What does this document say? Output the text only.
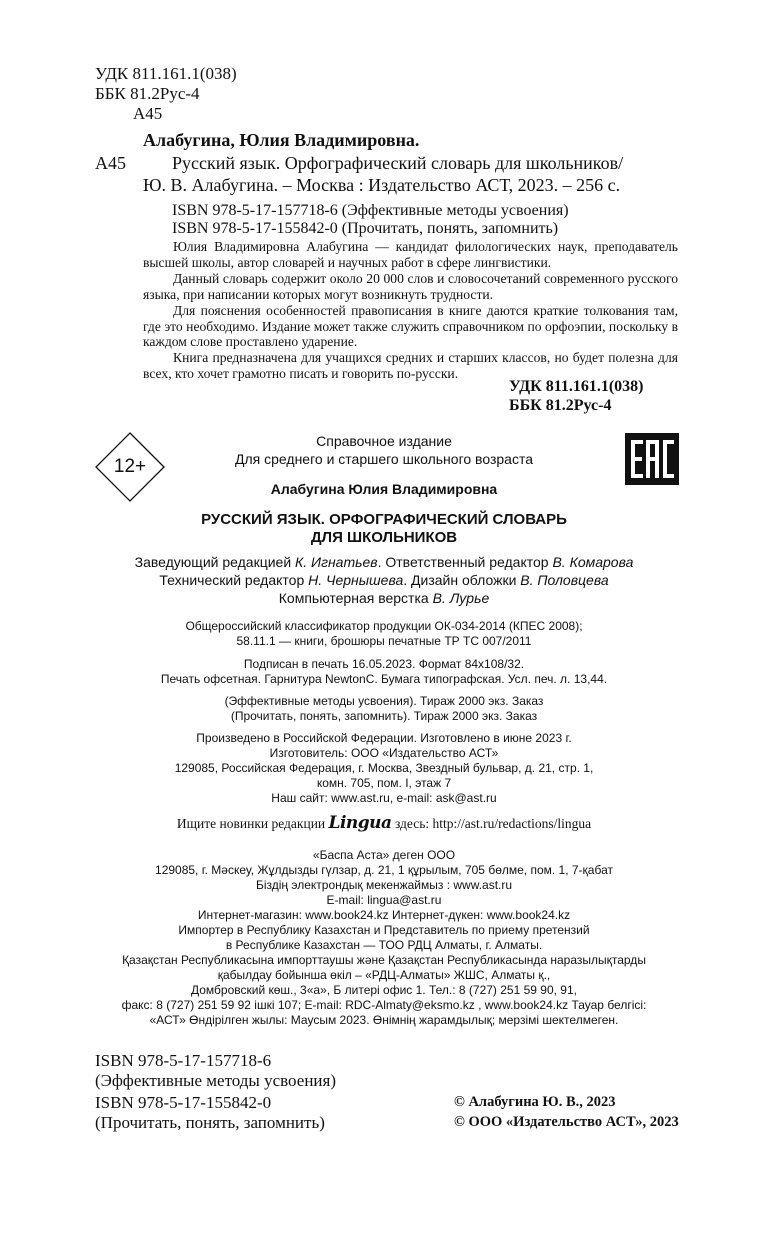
УДК 811.161.1(038)
ББК 81.2Рус-4
А45
Алабугина, Юлия Владимировна.
А45	Русский язык. Орфографический словарь для школьников/
Ю. В. Алабугина. – Москва : Издательство АСТ, 2023. – 256 с.
ISBN 978-5-17-157718-6 (Эффективные методы усвоения)
ISBN 978-5-17-155842-0 (Прочитать, понять, запомнить)

Юлия Владимировна Алабугина — кандидат филологических наук, преподаватель высшей школы, автор словарей и научных работ в сфере лингвистики.

Данный словарь содержит около 20 000 слов и словосочетаний современного русского языка, при написании которых могут возникнуть трудности.

Для пояснения особенностей правописания в книге даются краткие толкования там, где это необходимо. Издание может также служить справочником по орфоэпии, поскольку в каждом слове проставлено ударение.

Книга предназначена для учащихся средних и старших классов, но будет полезна для всех, кто хочет грамотно писать и говорить по-русски.

УДК 811.161.1(038)
ББК 81.2Рус-4
12+
Справочное издание
Для среднего и старшего школьного возраста
Алабугина Юлия Владимировна
РУССКИЙ ЯЗЫК. ОРФОГРАФИЧЕСКИЙ СЛОВАРЬ
ДЛЯ ШКОЛЬНИКОВ
Заведующий редакцией К. Игнатьев. Ответственный редактор В. Комарова
Технический редактор Н. Чернышева. Дизайн обложки В. Половцева
Компьютерная верстка В. Лурье
Общероссийский классификатор продукции ОК-034-2014 (КПЕС 2008);
58.11.1 — книги, брошюры печатные ТР ТС 007/2011
Подписан в печать 16.05.2023. Формат 84х108/32.
Печать офсетная. Гарнитура NewtonC. Бумага типографская. Усл. печ. л. 13,44.
(Эффективные методы усвоения). Тираж 2000 экз. Заказ
(Прочитать, понять, запомнить). Тираж 2000 экз. Заказ
Произведено в Российской Федерации. Изготовлено в июне 2023 г.
Изготовитель: ООО «Издательство АСТ»
129085, Российская Федерация, г. Москва, Звездный бульвар, д. 21, стр. 1,
комн. 705, пом. I, этаж 7
Наш сайт: www.ast.ru, e-mail: ask@ast.ru
Ищите новинки редакции Lingua здесь: http://ast.ru/redactions/lingua
«Баспа Аста» деген ООО
129085, г. Мәскеу, Жұлдызды гүлзар, д. 21, 1 құрылым, 705 бөлме, пом. 1, 7-қабат
Біздің электрондық мекенжаймыз : www.ast.ru
E-mail: lingua@ast.ru
Интернет-магазин: www.book24.kz Интернет-дүкен: www.book24.kz
Импортер в Республику Казахстан и Представитель по приему претензий
в Республике Казахстан — ТОО РДЦ Алматы, г. Алматы.
Қазақстан Республикасына импорттаушы және Қазақстан Республикасында наразылықтарды
қабылдау бойынша өкіл – «РДЦ-Алматы» ЖШС, Алматы қ.,
Домбровский көш., 3«а», Б литері офис 1. Тел.: 8 (727) 251 59 90, 91,
факс: 8 (727) 251 59 92 ішкі 107; E-mail: RDC-Almaty@eksmo.kz , www.book24.kz Тауар белгісі:
«АСТ» Өндірілген жылы: Маусым 2023. Өнімнің жарамдылық; мерзімі шектелмеген.
ISBN 978-5-17-157718-6
(Эффективные методы усвоения)
ISBN 978-5-17-155842-0
(Прочитать, понять, запомнить)
© Алабугина Ю. В., 2023
© ООО «Издательство АСТ», 2023
